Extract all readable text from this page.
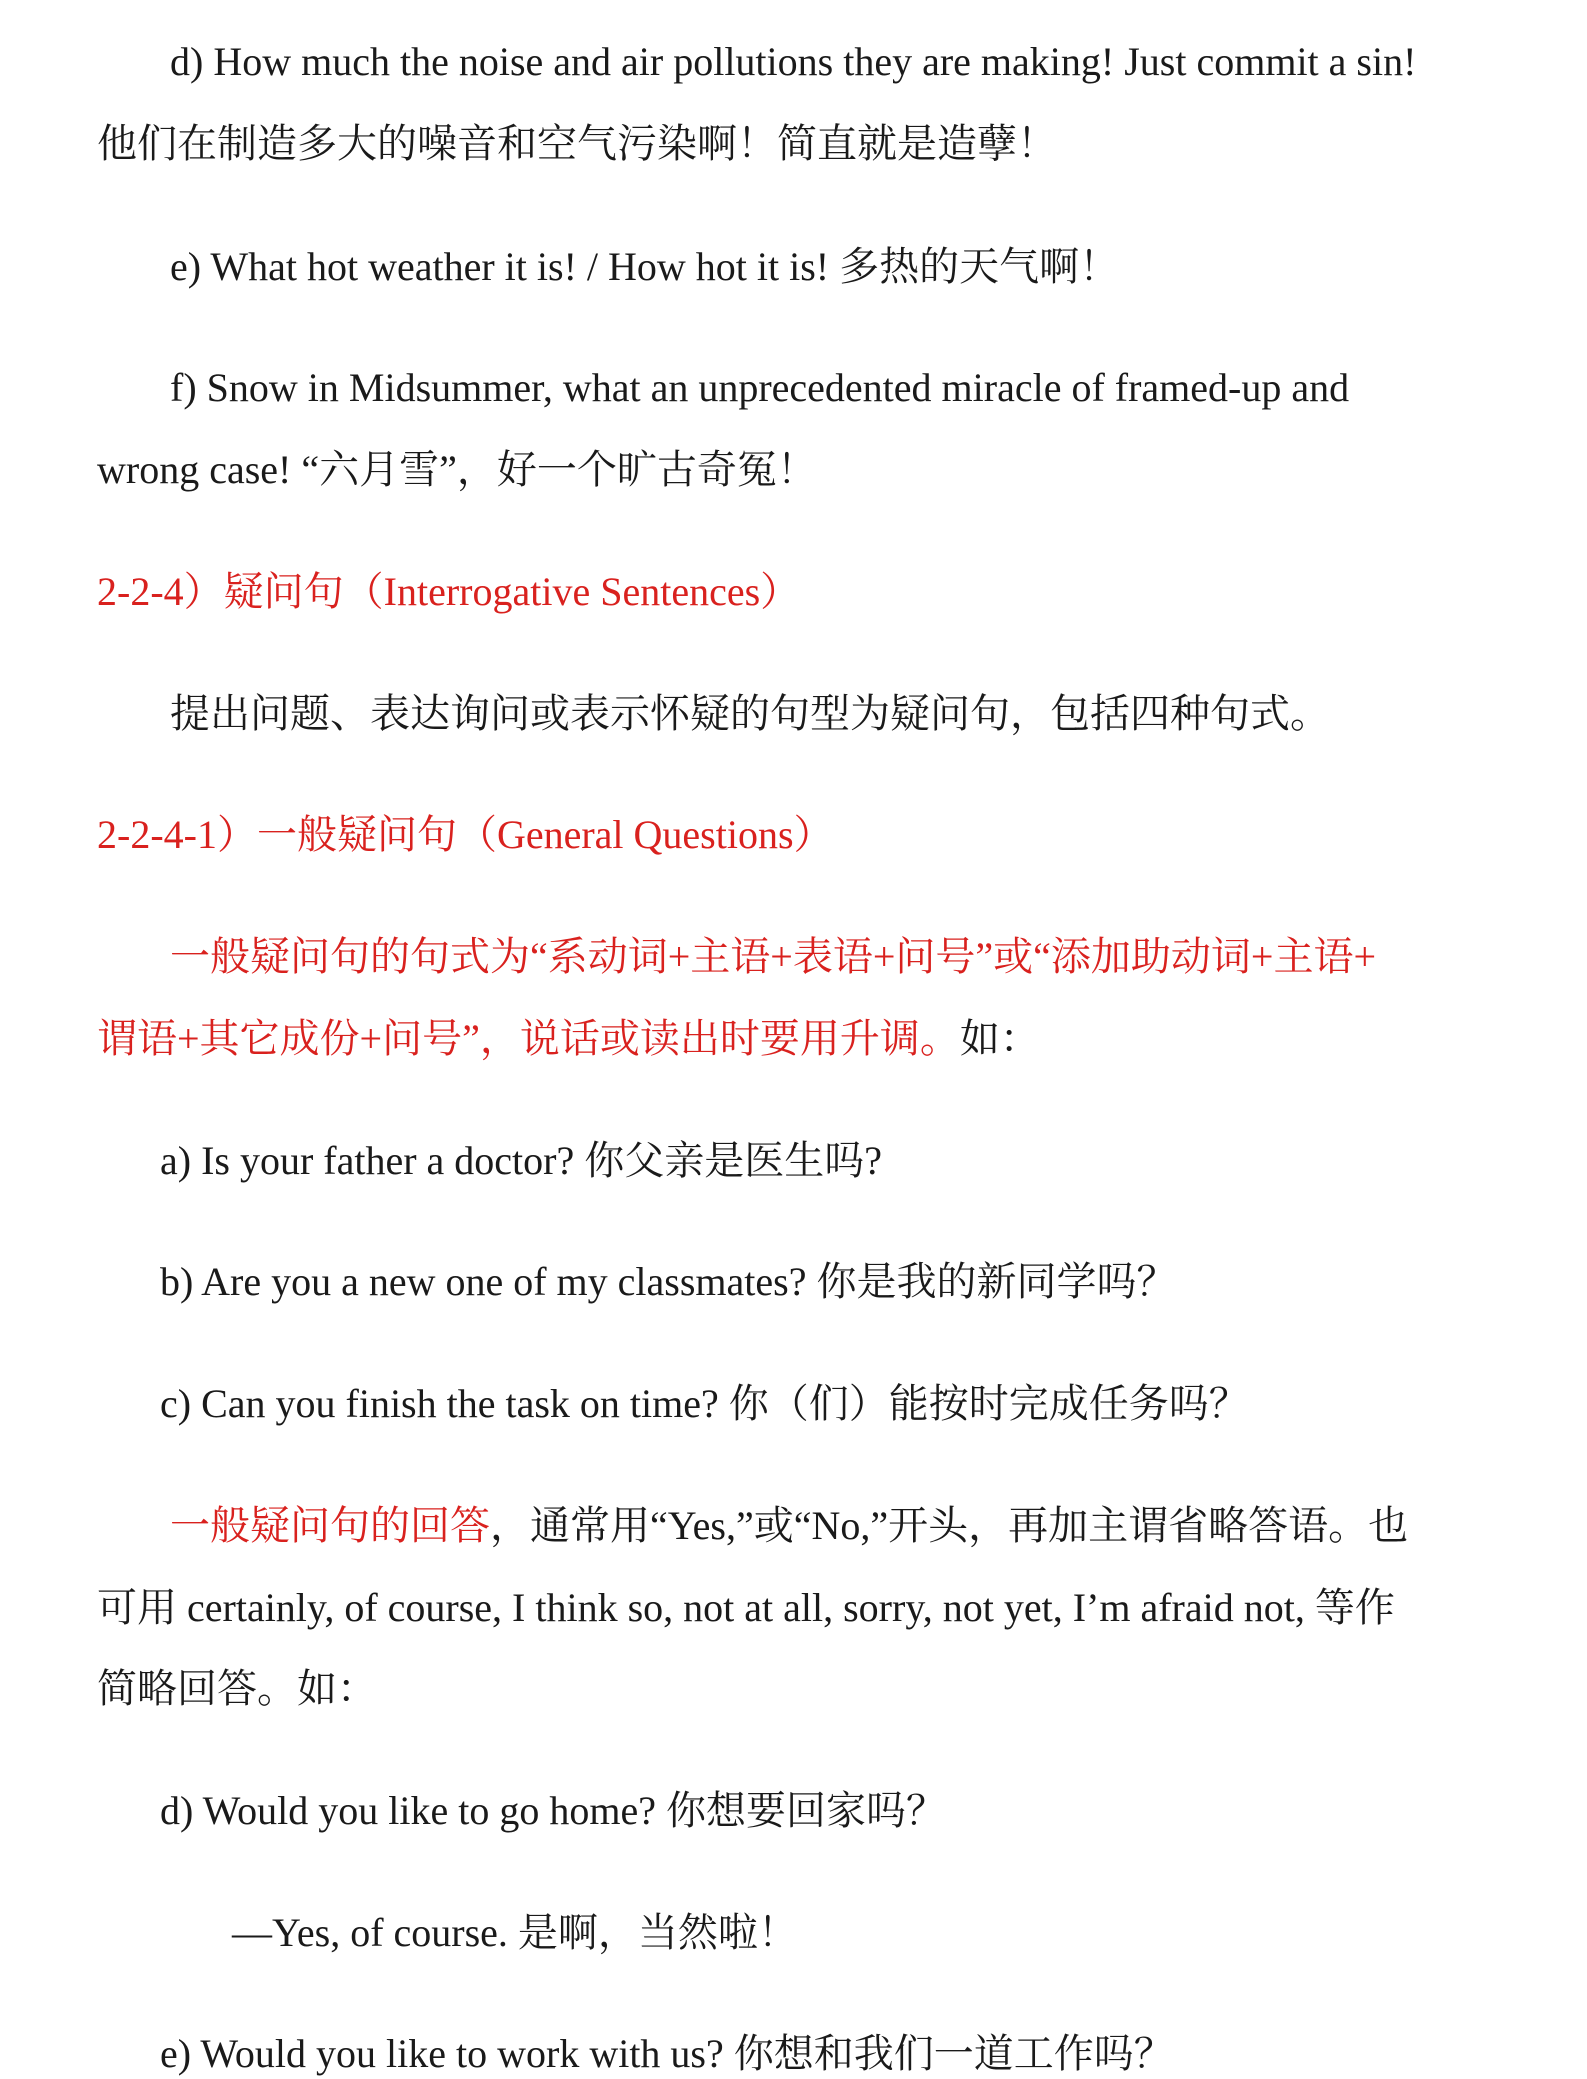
d) How much the noise and air pollutions they are making! Just commit a sin!
他们在制造多大的噪音和空气污染啊！简直就是造孽！
e) What hot weather it is! / How hot it is! 多热的天气啊！
f) Snow in Midsummer, what an unprecedented miracle of framed-up and
wrong case! “六月雪”，好一个旷古奇冤！
2-2-4）疑问句（Interrogative Sentences）
提出问题、表达询问或表示怀疑的句型为疑问句，包括四种句式。
2-2-4-1）一般疑问句（General Questions）
一般疑问句的句式为“系动词+主语+表语+问号”或“添加助动词+主语+
谓语+其它成份+问号”，说话或读出时要用升调。如：
a) Is your father a doctor? 你父亲是医生吗?
b) Are you a new one of my classmates? 你是我的新同学吗？
c) Can you finish the task on time? 你（们）能按时完成任务吗？
一般疑问句的回答，通常用“Yes,”或“No,”开头，再加主谓省略答语。也
可用 certainly, of course, I think so, not at all, sorry, not yet, I’m afraid not, 等作
简略回答。如：
d) Would you like to go home? 你想要回家吗？
—Yes, of course. 是啊，当然啦！
e) Would you like to work with us? 你想和我们一道工作吗？
